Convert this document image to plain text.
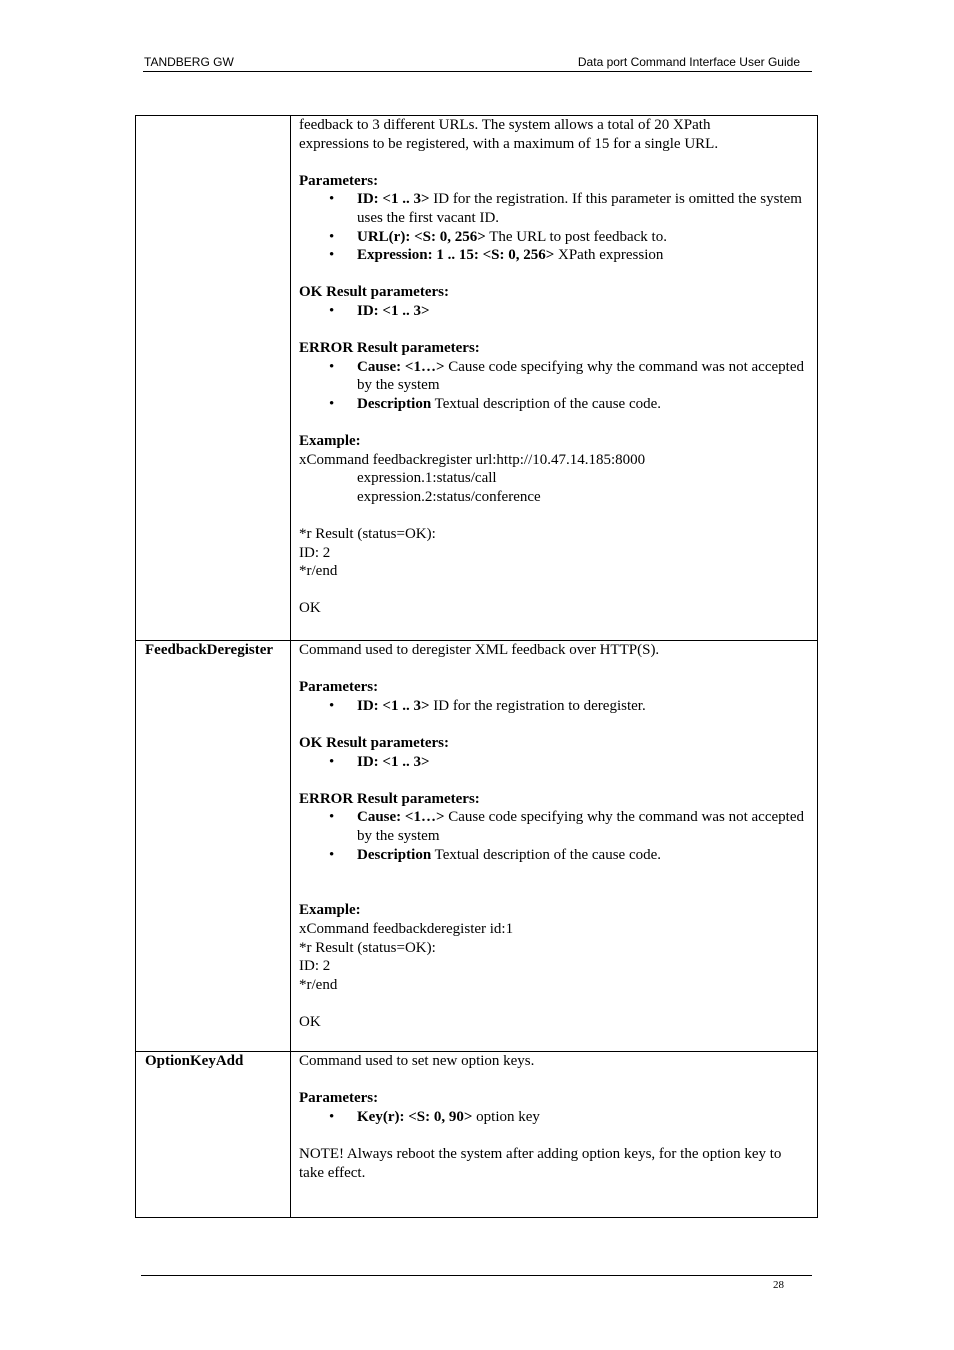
TANDBERG GW	Data port Command Interface User Guide

feedback to 3 different URLs. The system allows a total of 20 XPath

expressions to be registered, with a maximum of 15 for a single URL.

Parameters:

• ID: <1 .. 3> ID for the registration. If this parameter is omitted the system uses the first vacant ID.
• URL(r): <S: 0, 256> The URL to post feedback to.
• Expression: 1 .. 15: <S: 0, 256> XPath expression

OK Result parameters:

• ID: <1 .. 3>

ERROR Result parameters:

• Cause: <1…> Cause code specifying why the command was not accepted by the system
• Description Textual description of the cause code.

Example:

xCommand feedbackregister url:http://10.47.14.185:8000

expression.1:status/call

expression.2:status/conference

*r Result (status=OK):

ID: 2

*r/end

OK

FeedbackDeregister Command used to deregister XML feedback over HTTP(S).

Parameters:

• ID: <1 .. 3> ID for the registration to deregister.

OK Result parameters:

• ID: <1 .. 3>

ERROR Result parameters:

• Cause: <1…> Cause code specifying why the command was not accepted by the system
• Description Textual description of the cause code.

Example:

xCommand feedbackderegister id:1

*r Result (status=OK):

ID: 2

*r/end

OK

OptionKeyAdd	Command used to set new option keys.

Parameters:

• Key(r): <S: 0, 90> option key

NOTE! Always reboot the system after adding option keys, for the option key to take effect.

28
